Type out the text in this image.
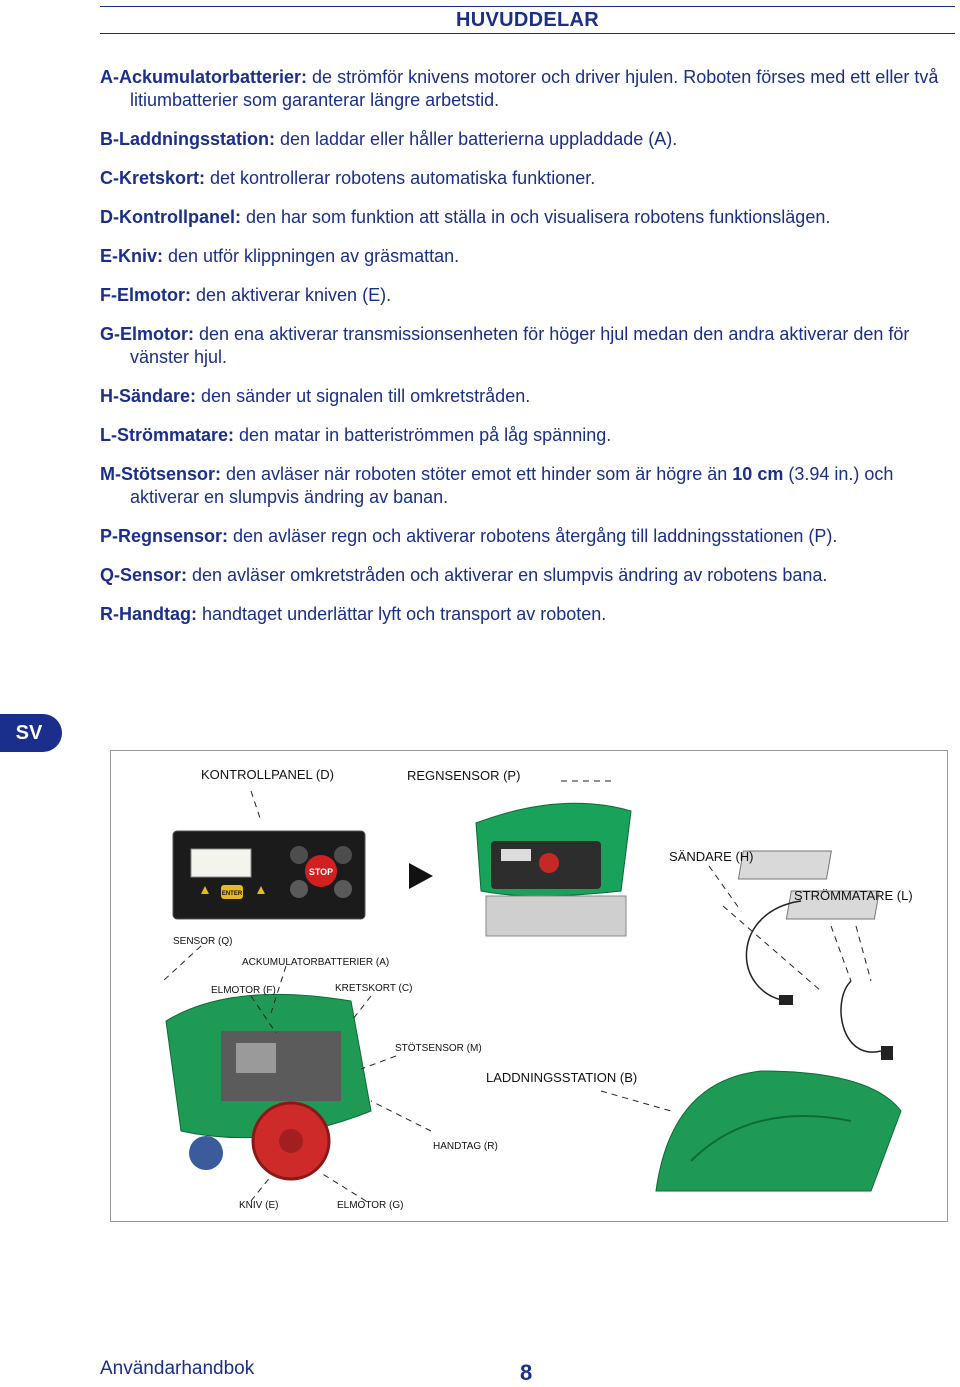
HUVUDDELAR
A-Ackumulatorbatterier: de strömför knivens motorer och driver hjulen. Roboten förses med ett eller två litiumbatterier som garanterar längre arbetstid.
B-Laddningsstation: den laddar eller håller batterierna uppladdade (A).
C-Kretskort: det kontrollerar robotens automatiska funktioner.
D-Kontrollpanel: den har som funktion att ställa in och visualisera robotens funktionslägen.
E-Kniv: den utför klippningen av gräsmattan.
F-Elmotor: den aktiverar kniven (E).
G-Elmotor: den ena aktiverar transmissionsenheten för höger hjul medan den andra aktiverar den för vänster hjul.
H-Sändare: den sänder ut signalen till omkretstråden.
L-Strömmatare: den matar in batteriströmmen på låg spänning.
M-Stötsensor: den avläser när roboten stöter emot ett hinder som är högre än 10 cm (3.94 in.) och aktiverar en slumpvis ändring av banan.
P-Regnsensor: den avläser regn och aktiverar robotens återgång till laddningsstationen (P).
Q-Sensor: den avläser omkretstråden och aktiverar en slumpvis ändring av robotens bana.
R-Handtag: handtaget underlättar lyft och transport av roboten.
SV
STOP
ENTER
KONTROLLPANEL (D)	REGNSENSOR (P)
SÄNDARE (H)
STRÖMMATARE (L)
SENSOR (Q)
ACKUMULATORBATTERIER (A)
ELMOTOR (F)	KRETSKORT (C)
STÖTSENSOR (M)
LADDNINGSSTATION (B)
HANDTAG (R)
KNIV (E)	ELMOTOR (G)
Användarhandbok	8
